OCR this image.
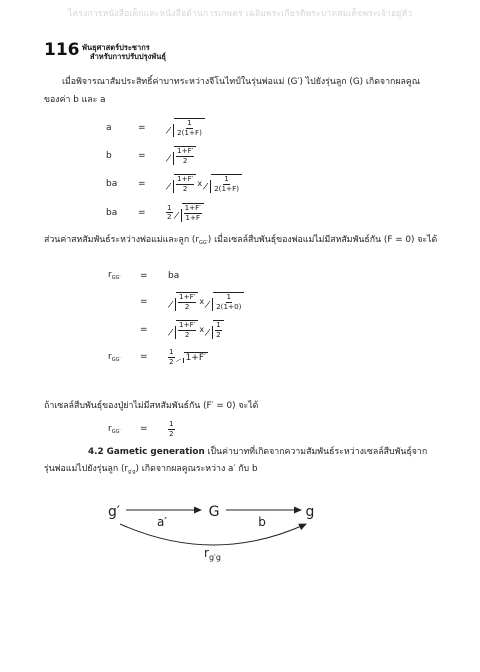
โครงการหนังสือเด็กและหนังสือด้านการเกษตร เฉลิมพระเกียรติพระบาทสมเด็จพระเจ้าอยู่หัว
116 พันธุศาสตร์ประชากร
สำหรับการปรับปรุงพันธุ์
เมื่อพิจารณาสัมประสิทธิ์ค่าบาทระหว่างจีโนไทป์ในรุ่นพ่อแม่ (G′) ไปยังรุ่นลูก (G) เกิดจากผลคูณ
ของค่า b และ a
a	=	$\frac{1}{2(1+F)}$
b	=	$\frac{1+F'}{2}$
ba	=	$\frac{1+F'}{2}$ x $\frac{1}{2(1+F)}$
ba	=	$\frac{1}{2} \frac{1+F'}{1+F}$
ส่วนค่าสหสัมพันธ์ระหว่างพ่อแม่และลูก $(r_{GG'})$ เมื่อเซลล์สืบพันธุ์ของพ่อแม่ไม่มีสหสัมพันธ์กัน (F = 0) จะได้
$r_{GG'}$	=	ba
=	$\frac{1+F'}{2}$ x $\frac{1}{2(1+0)}$
=	$\frac{1+F'}{2}$ x $\frac{1}{2}$
$r_{GG'}$	=	$\frac{1}{2}$	1+F′
ถ้าเซลล์สืบพันธุ์ของปู่ย่าไม่มีสหสัมพันธ์กัน (F′ = 0) จะได้
$r_{GG'}$	=	$\frac{1}{2}$
4.2 Gametic generation เป็นค่าบาทที่เกิดจากความสัมพันธ์ระหว่างเซลล์สืบพันธุ์จาก
รุ่นพ่อแม่ไปยังรุ่นลูก $(r_{g'g})$ เกิดจากผลคูณระหว่าง a′ กับ b
g′	G	g
a′	b
$r_{g'g}$
